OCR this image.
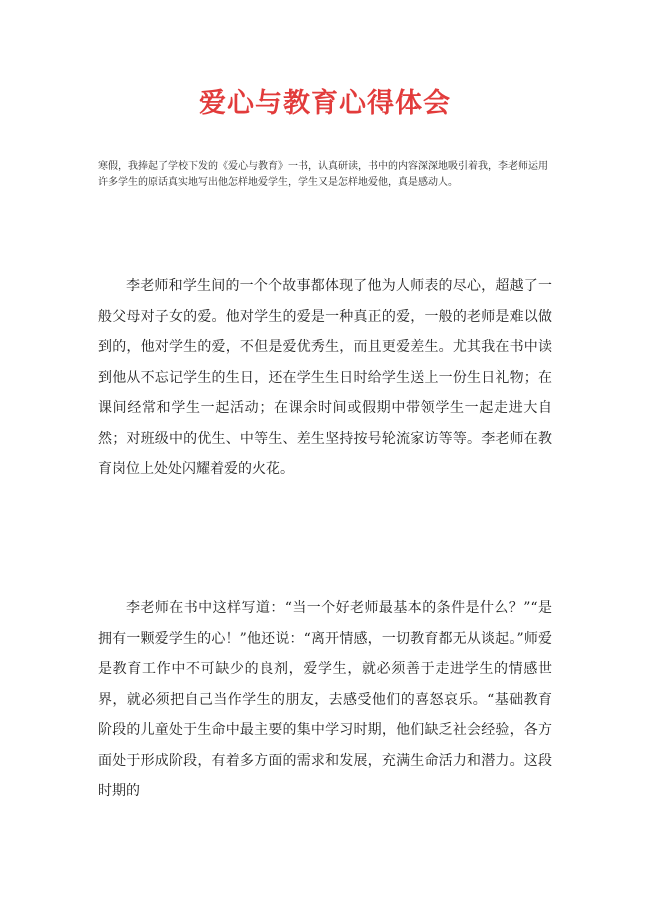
爱心与教育心得体会
寒假，我捧起了学校下发的《爱心与教育》一书，认真研读，书中的内容深深地吸引着我，李老师运用许多学生的原话真实地写出他怎样地爱学生，学生又是怎样地爱他，真是感动人。
李老师和学生间的一个个故事都体现了他为人师表的尽心，超越了一般父母对子女的爱。他对学生的爱是一种真正的爱，一般的老师是难以做到的，他对学生的爱，不但是爱优秀生，而且更爱差生。尤其我在书中读到他从不忘记学生的生日，还在学生生日时给学生送上一份生日礼物；在课间经常和学生一起活动；在课余时间或假期中带领学生一起走进大自然；对班级中的优生、中等生、差生坚持按号轮流家访等等。李老师在教育岗位上处处闪耀着爱的火花。
李老师在书中这样写道：“当一个好老师最基本的条件是什么？”“是拥有一颗爱学生的心！”他还说：“离开情感，一切教育都无从谈起。”师爱是教育工作中不可缺少的良剂，爱学生，就必须善于走进学生的情感世界，就必须把自己当作学生的朋友，去感受他们的喜怒哀乐。“基础教育阶段的儿童处于生命中最主要的集中学习时期，他们缺乏社会经验，各方面处于形成阶段，有着多方面的需求和发展，充满生命活力和潜力。这段时期的
